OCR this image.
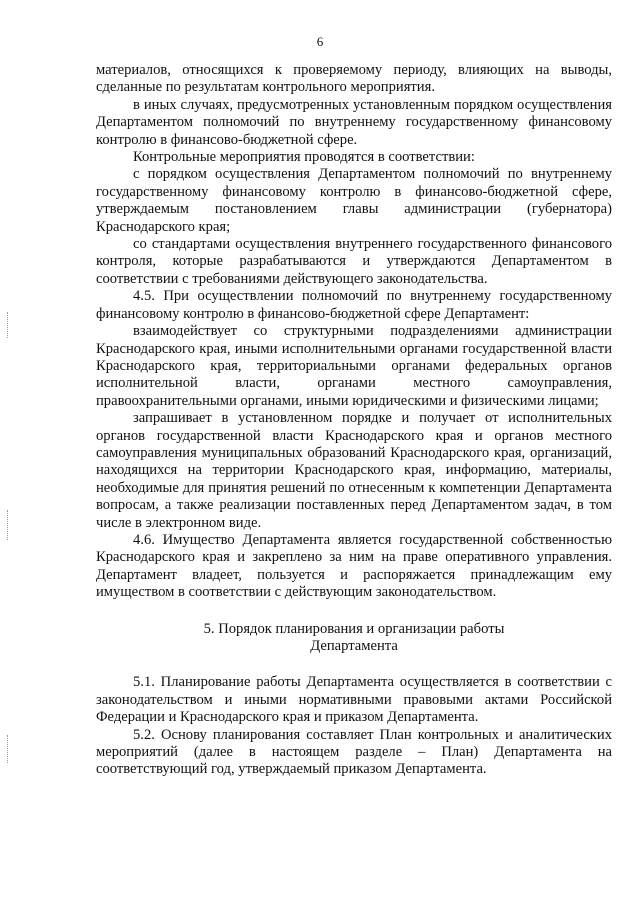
6

материалов, относящихся к проверяемому периоду, влияющих на выводы, сделанные по результатам контрольного мероприятия.

в иных случаях, предусмотренных установленным порядком осуществления Департаментом полномочий по внутреннему государственному финансовому контролю в финансово-бюджетной сфере.

Контрольные мероприятия проводятся в соответствии:

с порядком осуществления Департаментом полномочий по внутреннему государственному финансовому контролю в финансово-бюджетной сфере, утверждаемым постановлением главы администрации (губернатора) Краснодарского края;

со стандартами осуществления внутреннего государственного финансового контроля, которые разрабатываются и утверждаются Департаментом в соответствии с требованиями действующего законодательства.

4.5. При осуществлении полномочий по внутреннему государственному финансовому контролю в финансово-бюджетной сфере Департамент:

взаимодействует со структурными подразделениями администрации Краснодарского края, иными исполнительными органами государственной власти Краснодарского края, территориальными органами федеральных органов исполнительной власти, органами местного самоуправления, правоохранительными органами, иными юридическими и физическими лицами;

запрашивает в установленном порядке и получает от исполнительных органов государственной власти Краснодарского края и органов местного самоуправления муниципальных образований Краснодарского края, организаций, находящихся на территории Краснодарского края, информацию, материалы, необходимые для принятия решений по отнесенным к компетенции Департамента вопросам, а также реализации поставленных перед Департаментом задач, в том числе в электронном виде.

4.6. Имущество Департамента является государственной собственностью Краснодарского края и закреплено за ним на праве оперативного управления. Департамент владеет, пользуется и распоряжается принадлежащим ему имуществом в соответствии с действующим законодательством.

5. Порядок планирования и организации работы
Департамента

5.1. Планирование работы Департамента осуществляется в соответствии с законодательством и иными нормативными правовыми актами Российской Федерации и Краснодарского края и приказом Департамента.

5.2. Основу планирования составляет План контрольных и аналитических мероприятий (далее в настоящем разделе – План) Департамента на соответствующий год, утверждаемый приказом Департамента.
